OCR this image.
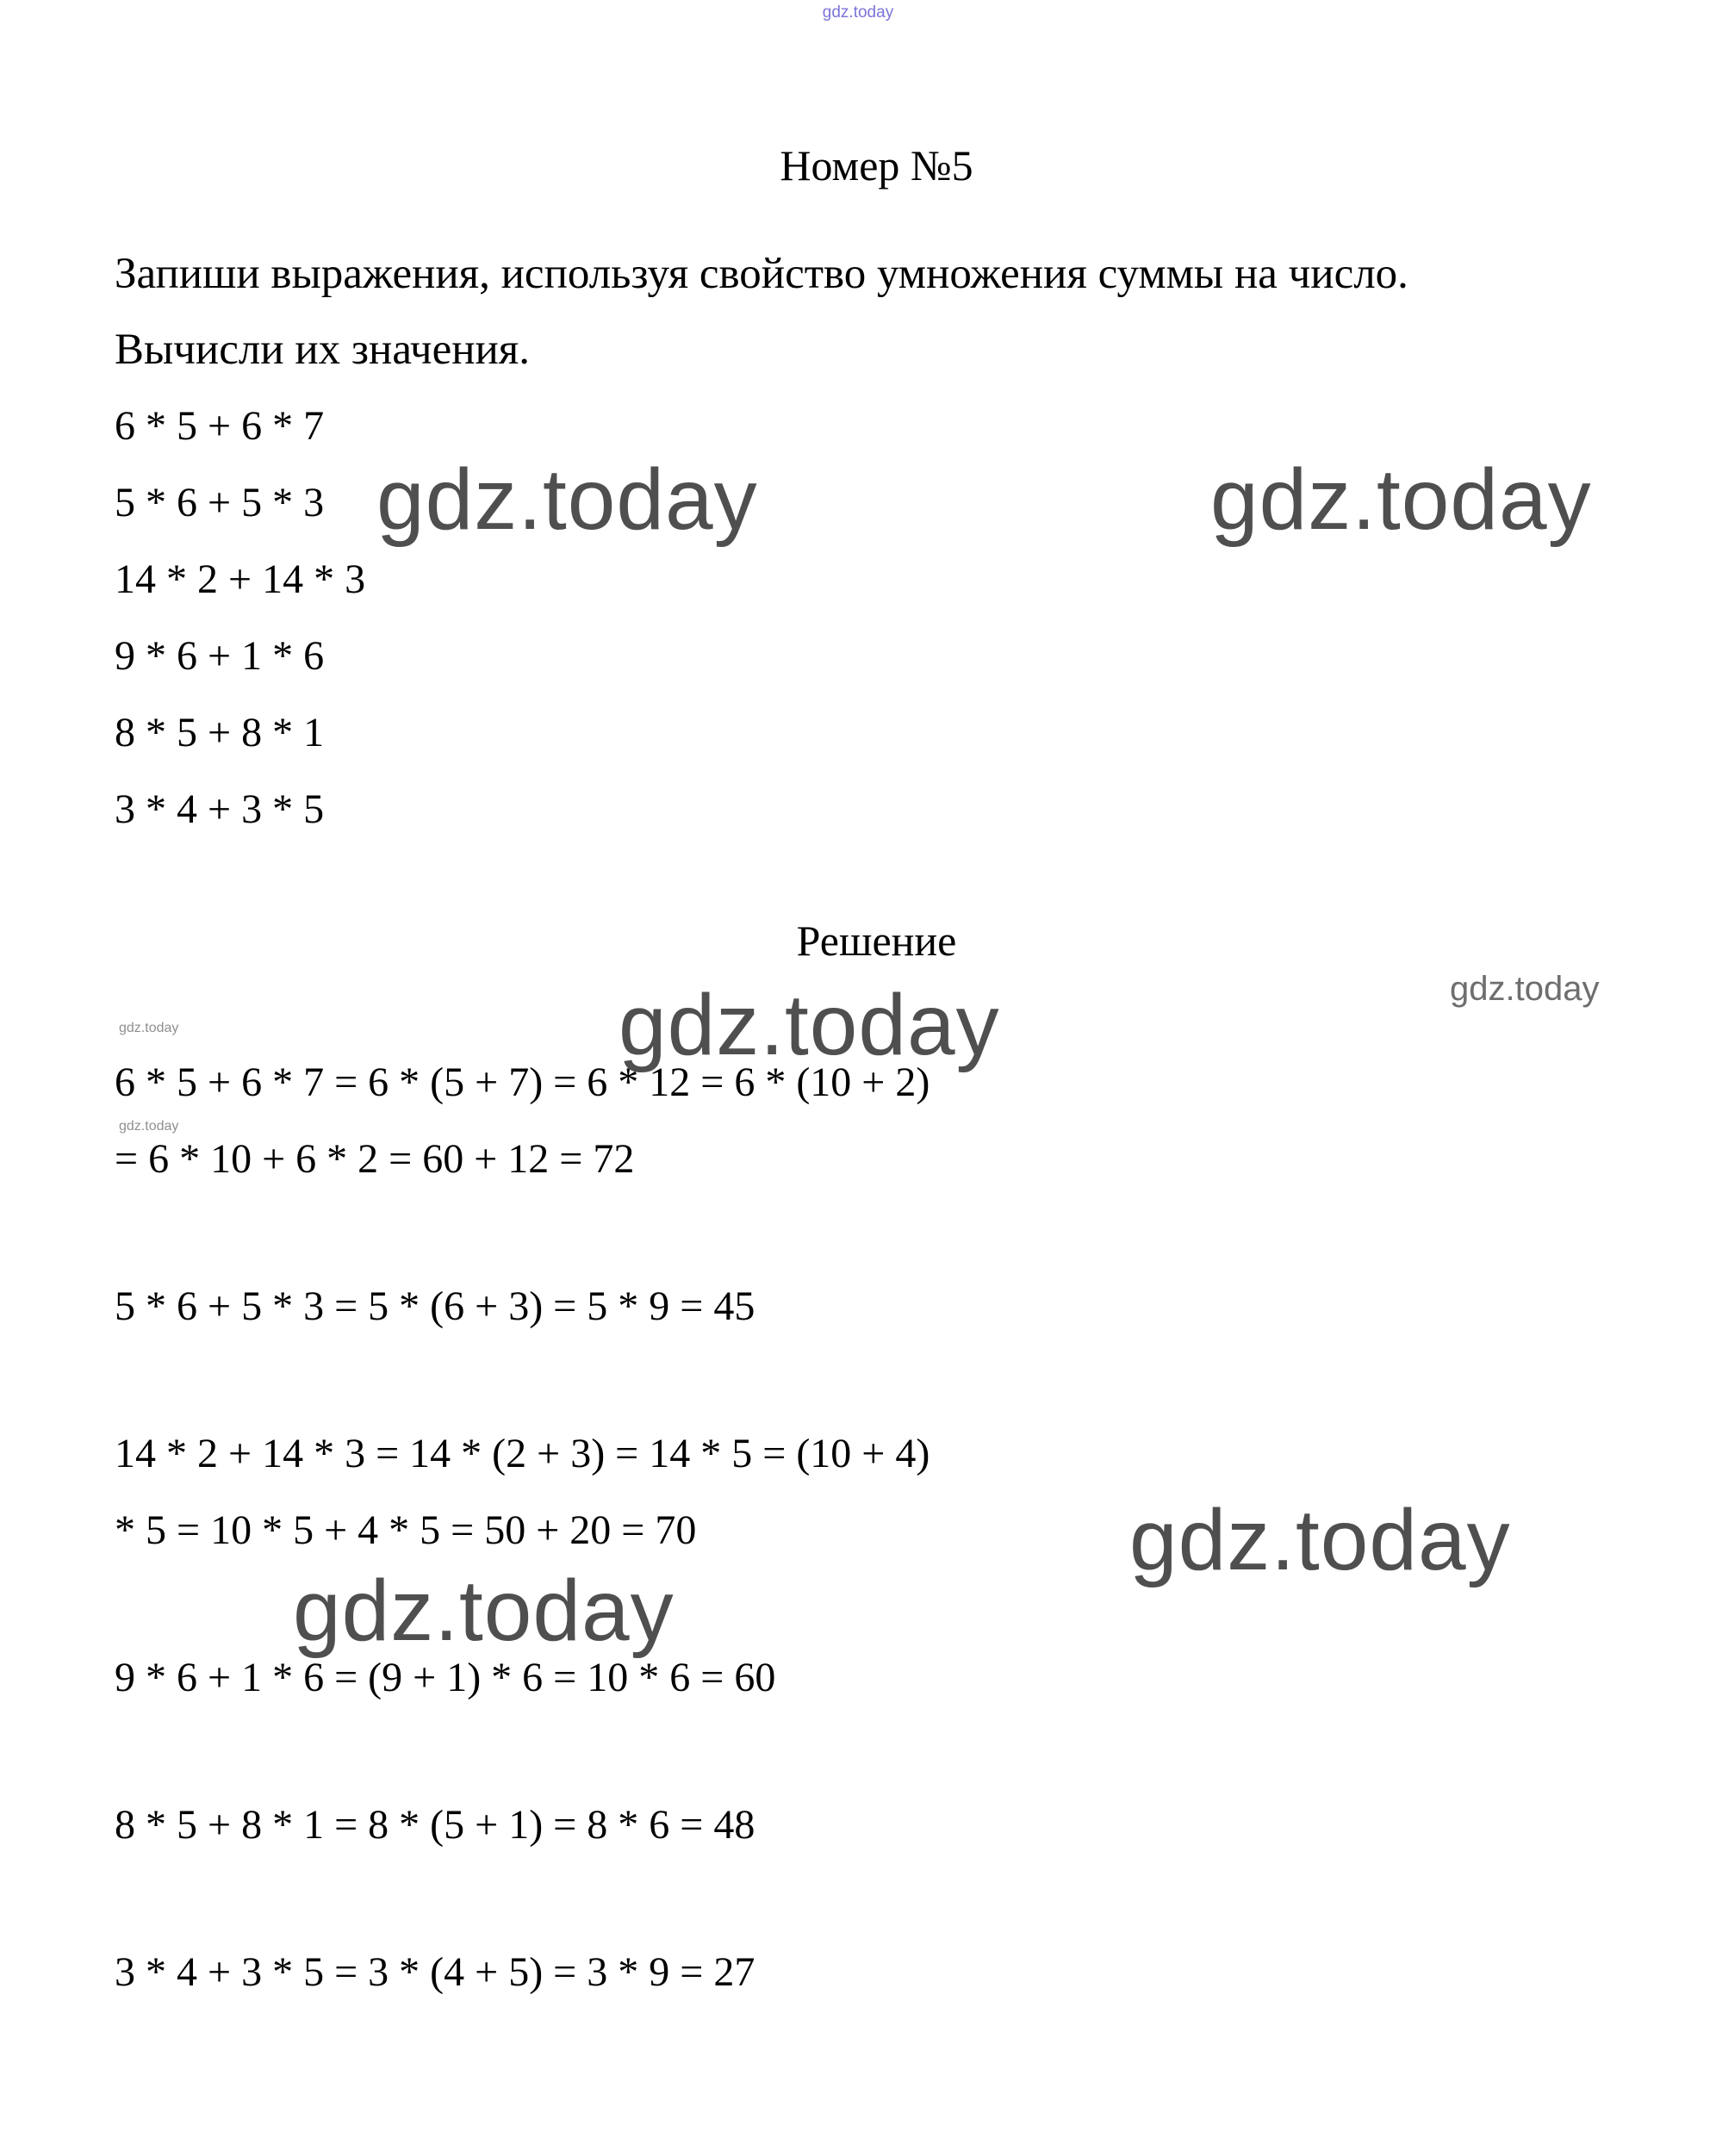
gdz.today
Номер №5

Запиши выражения, используя свойство умножения суммы на число.

Вычисли их значения.

6 * 5 + 6 * 7
5 * 6 + 5 * 3
14 * 2 + 14 * 3
9 * 6 + 1 * 6
8 * 5 + 8 * 1
3 * 4 + 3 * 5
Решение
6 * 5 + 6 * 7 = 6 * (5 + 7) = 6 * 12 = 6 * (10 + 2)
= 6 * 10 + 6 * 2 = 60 + 12 = 72
5 * 6 + 5 * 3 = 5 * (6 + 3) = 5 * 9 = 45
14 * 2 + 14 * 3 = 14 * (2 + 3) = 14 * 5 = (10 + 4)
* 5 = 10 * 5 + 4 * 5 = 50 + 20 = 70
9 * 6 + 1 * 6 = (9 + 1) * 6 = 10 * 6 = 60
8 * 5 + 8 * 1 = 8 * (5 + 1) = 8 * 6 = 48
3 * 4 + 3 * 5 = 3 * (4 + 5) = 3 * 9 = 27
gdz.today	gdz.today
gdz.today	gdz.today
gdz.today
gdz.today
gdz.today
gdz.today
